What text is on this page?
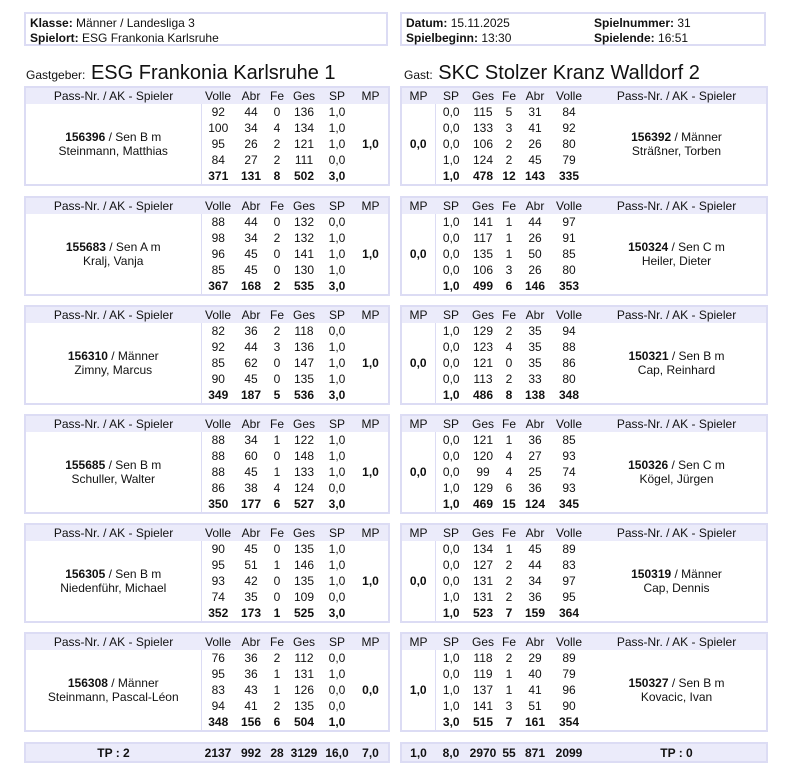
Klasse: Männer / Landesliga 3
Spielort: ESG Frankonia Karlsruhe
Datum: 15.11.2025
Spielbeginn: 13:30
Spielnummer: 31
Spielende: 16:51
Gastgeber: ESG Frankonia Karlsruhe 1	Gast: SKC Stolzer Kranz Walldorf 2
Pass-Nr. / AK - Spieler	Volle	Abr	Fe	Ges	SP	MP
156396 / Sen B m
Steinmann, Matthias	92	44	0	136	1,0	1,0
	100	34	4	134	1,0	
	95	26	2	121	1,0	
	84	27	2	111	0,0	
	371	131	8	502	3,0	
MP	SP	Ges	Fe	Abr	Volle	Pass-Nr. / AK - Spieler
0,0	0,0	115	5	31	84	156392 / Männer
Sträßner, Torben
	0,0	133	3	41	92	
	0,0	106	2	26	80	
	1,0	124	2	45	79	
	1,0	478	12	143	335	
Pass-Nr. / AK - Spieler	Volle	Abr	Fe	Ges	SP	MP
155683 / Sen A m
Kralj, Vanja	88	44	0	132	0,0	1,0
	98	34	2	132	1,0	
	96	45	0	141	1,0	
	85	45	0	130	1,0	
	367	168	2	535	3,0	
MP	SP	Ges	Fe	Abr	Volle	Pass-Nr. / AK - Spieler
0,0	1,0	141	1	44	97	150324 / Sen C m
Heiler, Dieter
	0,0	117	1	26	91	
	0,0	135	1	50	85	
	0,0	106	3	26	80	
	1,0	499	6	146	353	
Pass-Nr. / AK - Spieler	Volle	Abr	Fe	Ges	SP	MP
156310 / Männer
Zimny, Marcus	82	36	2	118	0,0	1,0
	92	44	3	136	1,0	
	85	62	0	147	1,0	
	90	45	0	135	1,0	
	349	187	5	536	3,0	
MP	SP	Ges	Fe	Abr	Volle	Pass-Nr. / AK - Spieler
0,0	1,0	129	2	35	94	150321 / Sen B m
Cap, Reinhard
	0,0	123	4	35	88	
	0,0	121	0	35	86	
	0,0	113	2	33	80	
	1,0	486	8	138	348	
Pass-Nr. / AK - Spieler	Volle	Abr	Fe	Ges	SP	MP
155685 / Sen B m
Schuller, Walter	88	34	1	122	1,0	1,0
	88	60	0	148	1,0	
	88	45	1	133	1,0	
	86	38	4	124	0,0	
	350	177	6	527	3,0	
MP	SP	Ges	Fe	Abr	Volle	Pass-Nr. / AK - Spieler
0,0	0,0	121	1	36	85	150326 / Sen C m
Kögel, Jürgen
	0,0	120	4	27	93	
	0,0	99	4	25	74	
	1,0	129	6	36	93	
	1,0	469	15	124	345	
Pass-Nr. / AK - Spieler	Volle	Abr	Fe	Ges	SP	MP
156305 / Sen B m
Niedenführ, Michael	90	45	0	135	1,0	1,0
	95	51	1	146	1,0	
	93	42	0	135	1,0	
	74	35	0	109	0,0	
	352	173	1	525	3,0	
MP	SP	Ges	Fe	Abr	Volle	Pass-Nr. / AK - Spieler
0,0	0,0	134	1	45	89	150319 / Männer
Cap, Dennis
	0,0	127	2	44	83	
	0,0	131	2	34	97	
	1,0	131	2	36	95	
	1,0	523	7	159	364	
Pass-Nr. / AK - Spieler	Volle	Abr	Fe	Ges	SP	MP
156308 / Männer
Steinmann, Pascal-Léon	76	36	2	112	0,0	0,0
	95	36	1	131	1,0	
	83	43	1	126	0,0	
	94	41	2	135	0,0	
	348	156	6	504	1,0	
MP	SP	Ges	Fe	Abr	Volle	Pass-Nr. / AK - Spieler
1,0	1,0	118	2	29	89	150327 / Sen B m
Kovacic, Ivan
	0,0	119	1	40	79	
	1,0	137	1	41	96	
	1,0	141	3	51	90	
	3,0	515	7	161	354	
TP : 2	2137	992	28	3129	16,0	7,0	1,0	8,0	2970	55	871	2099	TP : 0
